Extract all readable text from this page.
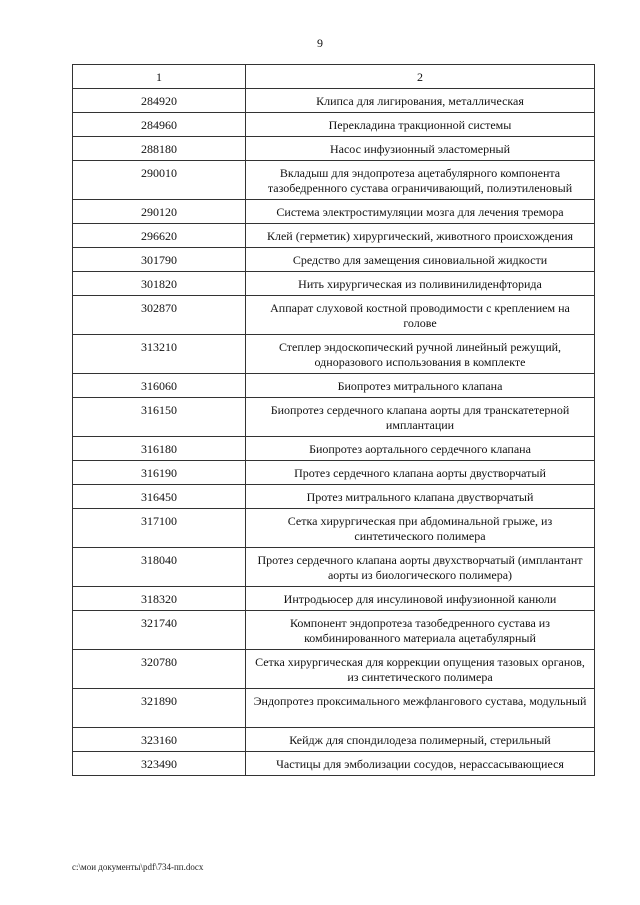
9
1	2
284920	Клипса для лигирования, металлическая
284960	Перекладина тракционной системы
288180	Насос инфузионный эластомерный
290010	Вкладыш для эндопротеза ацетабулярного компонента тазобедренного сустава ограничивающий, полиэтиленовый
290120	Система электростимуляции мозга для лечения тремора
296620	Клей (герметик) хирургический, животного происхождения
301790	Средство для замещения синовиальной жидкости
301820	Нить хирургическая из поливинилиденфторида
302870	Аппарат слуховой костной проводимости с креплением на голове
313210	Степлер эндоскопический ручной линейный режущий, одноразового использования в комплекте
316060	Биопротез митрального клапана
316150	Биопротез сердечного клапана аорты для транскатетерной имплантации
316180	Биопротез аортального сердечного клапана
316190	Протез сердечного клапана аорты двустворчатый
316450	Протез митрального клапана двустворчатый
317100	Сетка хирургическая при абдоминальной грыже, из синтетического полимера
318040	Протез сердечного клапана аорты двухстворчатый (имплантант аорты из биологического полимера)
318320	Интродьюсер для инсулиновой инфузионной канюли
321740	Компонент эндопротеза тазобедренного сустава из комбинированного материала ацетабулярный
320780	Сетка хирургическая для коррекции опущения тазовых органов, из синтетического полимера
321890	Эндопротез проксимального межфлангового сустава, модульный
323160	Кейдж для спондилодеза полимерный, стерильный
323490	Частицы для эмболизации сосудов, нерассасывающиеся
c:\мои документы\pdf\734-пп.docx
